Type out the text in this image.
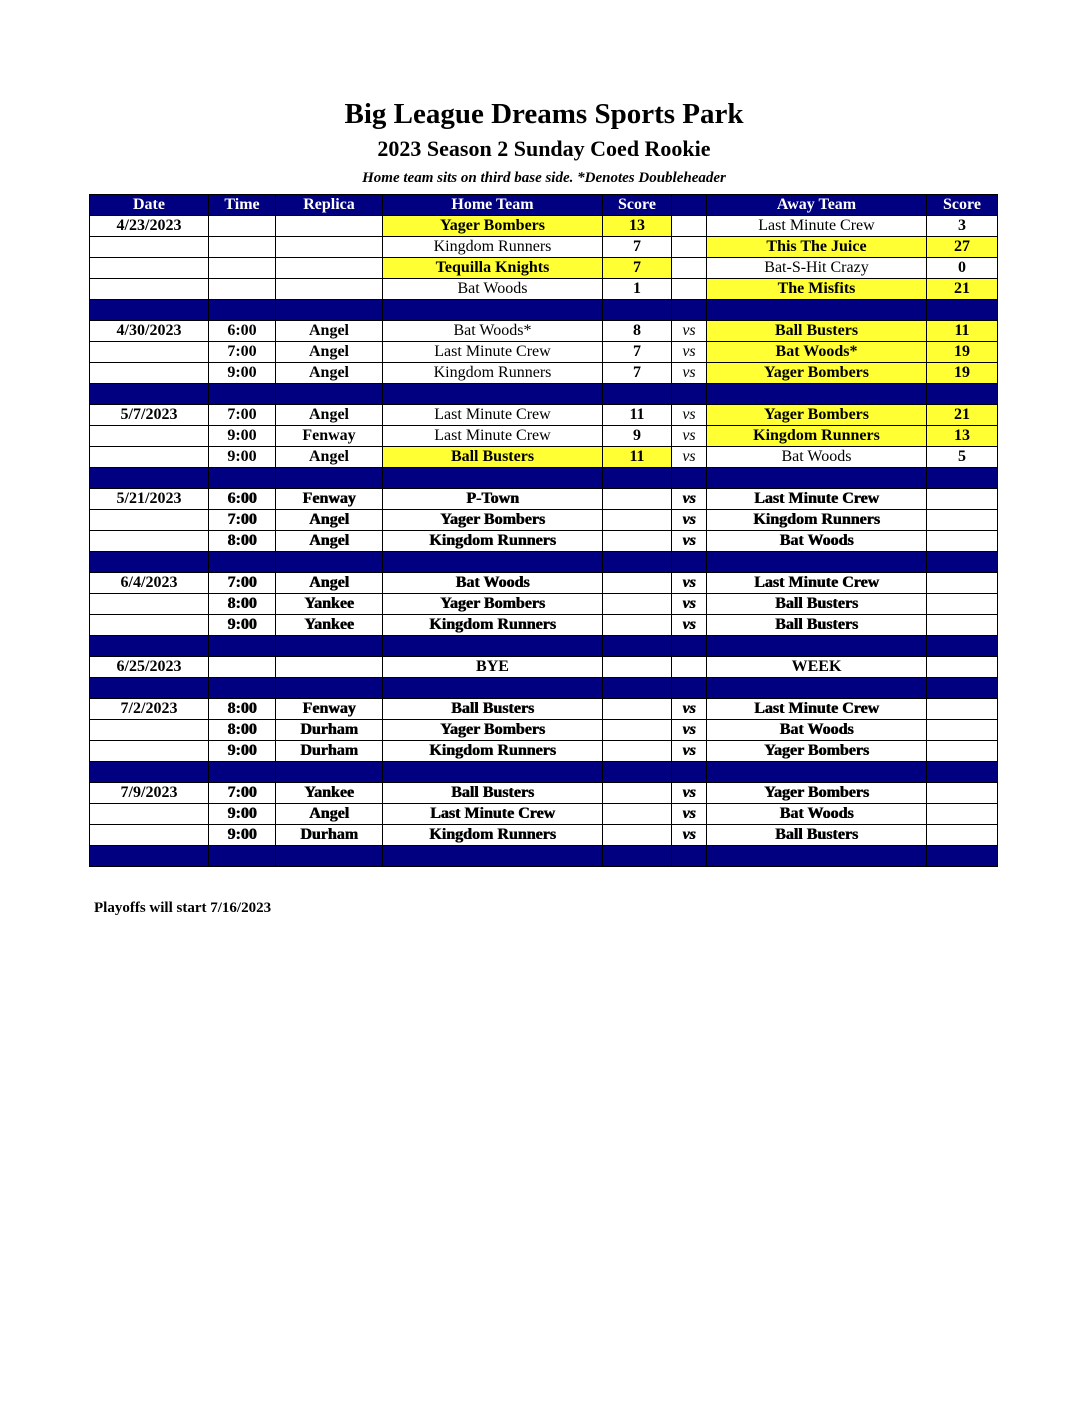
Big League Dreams Sports Park
2023 Season 2 Sunday Coed Rookie
Home team sits on third base side. *Denotes Doubleheader
Date	Time	Replica	Home Team	Score		Away Team	Score
4/23/2023			Yager Bombers	13		Last Minute Crew	3
			Kingdom Runners	7		This The Juice	27
			Tequilla Knights	7		Bat-S-Hit Crazy	0
			Bat Woods	1		The Misfits	21

4/30/2023	6:00	Angel	Bat Woods*	8	vs	Ball Busters	11
	7:00	Angel	Last Minute Crew	7	vs	Bat Woods*	19
	9:00	Angel	Kingdom Runners	7	vs	Yager Bombers	19

5/7/2023	7:00	Angel	Last Minute Crew	11	vs	Yager Bombers	21
	9:00	Fenway	Last Minute Crew	9	vs	Kingdom Runners	13
	9:00	Angel	Ball Busters	11	vs	Bat Woods	5

5/21/2023	6:00	Fenway	P-Town		vs	Last Minute Crew	
	7:00	Angel	Yager Bombers		vs	Kingdom Runners	
	8:00	Angel	Kingdom Runners		vs	Bat Woods	

6/4/2023	7:00	Angel	Bat Woods		vs	Last Minute Crew	
	8:00	Yankee	Yager Bombers		vs	Ball Busters	
	9:00	Yankee	Kingdom Runners		vs	Ball Busters	

6/25/2023			BYE			WEEK	

7/2/2023	8:00	Fenway	Ball Busters		vs	Last Minute Crew	
	8:00	Durham	Yager Bombers		vs	Bat Woods	
	9:00	Durham	Kingdom Runners		vs	Yager Bombers	

7/9/2023	7:00	Yankee	Ball Busters		vs	Yager Bombers	
	9:00	Angel	Last Minute Crew		vs	Bat Woods	
	9:00	Durham	Kingdom Runners		vs	Ball Busters	

Playoffs will start 7/16/2023
